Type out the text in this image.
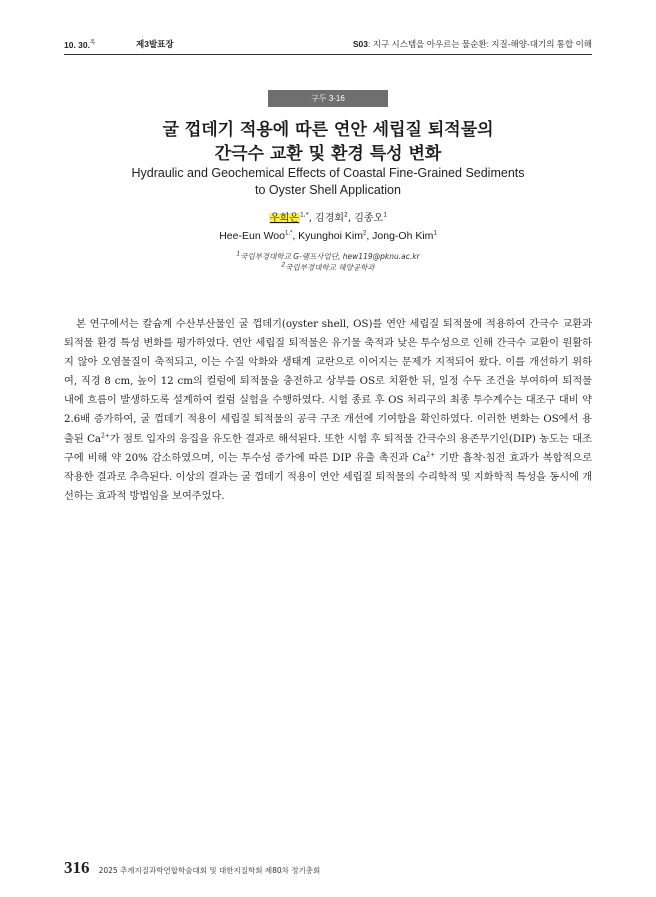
10. 30.$^목$	제3발표장	S03: 지구 시스템을 아우르는 물순환: 지질-해양-대기의 통합 이해
구두 3-16
굴 껍데기 적용에 따른 연안 세립질 퇴적물의
간극수 교환 및 환경 특성 변화
Hydraulic and Geochemical Effects of Coastal Fine-Grained Sediments
to Oyster Shell Application
우희은$^{1,*}$, 김경회$^2$, 김종오$^1$
Hee-Eun Woo$^{1,*}$, Kyunghoi Kim$^2$, Jong-Oh Kim$^1$
$^1$국립부경대학교 G-램프사업단, hew119@pknu.ac.kr
$^2$국립부경대학교 해양공학과

본 연구에서는 칼슘계 수산부산물인 굴 껍데기(oyster shell, OS)를 연안 세립질 퇴적물에 적용하여 간극수 교환과 퇴적물 환경 특성 변화를 평가하였다. 연안 세립질 퇴적물은 유기물 축적과 낮은 투수성으로 인해 간극수 교환이 원활하지 않아 오염물질이 축적되고, 이는 수질 악화와 생태계 교란으로 이어지는 문제가 지적되어 왔다. 이를 개선하기 위하여, 직경 8 cm, 높이 12 cm의 컬럼에 퇴적물을 충전하고 상부를 OS로 치환한 뒤, 일정 수두 조건을 부여하여 퇴적물 내에 흐름이 발생하도록 설계하여 컬럼 실험을 수행하였다. 시험 종료 후 OS 처리구의 최종 투수계수는 대조구 대비 약 2.6배 증가하여, 굴 껍데기 적용이 세립질 퇴적물의 공극 구조 개선에 기여함을 확인하였다. 이러한 변화는 OS에서 용출된 $Ca^{2+}$가 점토 입자의 응집을 유도한 결과로 해석된다. 또한 시험 후 퇴적물 간극수의 용존무기인(DIP) 농도는 대조구에 비해 약 20% 감소하였으며, 이는 투수성 증가에 따른 DIP 유출 촉진과 $Ca^{2+}$ 기반 흡착·침전 효과가 복합적으로 작용한 결과로 추측된다. 이상의 결과는 굴 껍데기 적용이 연안 세립질 퇴적물의 수리학적 및 지화학적 특성을 동시에 개선하는 효과적 방법임을 보여주었다.

316 2025 추계지질과학연합학술대회 및 대한지질학회 제80차 정기총회
